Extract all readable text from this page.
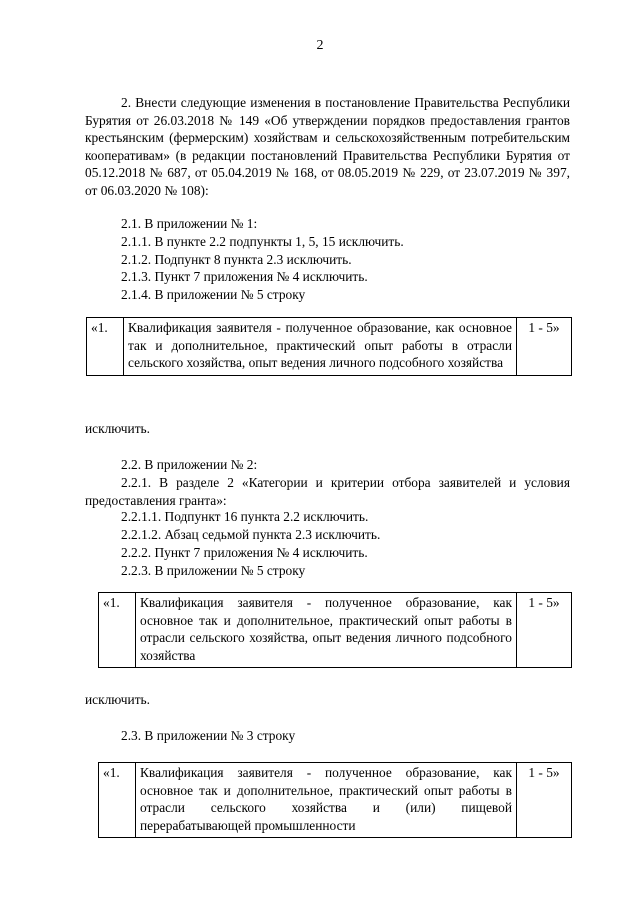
2

2. Внести следующие изменения в постановление Правительства Республики Бурятия от 26.03.2018 № 149 «Об утверждении порядков предоставления грантов крестьянским (фермерским) хозяйствам и сельскохозяйственным потребительским кооперативам» (в редакции постановлений Правительства Республики Бурятия от 05.12.2018 № 687, от 05.04.2019 № 168, от 08.05.2019 № 229, от 23.07.2019 № 397, от 06.03.2020 № 108):

2.1. В приложении № 1:
2.1.1. В пункте 2.2 подпункты 1, 5, 15 исключить.
2.1.2. Подпункт 8 пункта 2.3 исключить.
2.1.3. Пункт 7 приложения № 4 исключить.
2.1.4. В приложении № 5 строку
«1.	Квалификация заявителя - полученное образование, как основное так и дополнительное, практический опыт работы в отрасли сельского хозяйства, опыт ведения личного подсобного хозяйства	1 - 5»
исключить.
2.2. В приложении № 2:

2.2.1. В разделе 2 «Категории и критерии отбора заявителей и условия предоставления гранта»:

2.2.1.1. Подпункт 16 пункта 2.2 исключить.
2.2.1.2. Абзац седьмой пункта 2.3 исключить.
2.2.2. Пункт 7 приложения № 4 исключить.
2.2.3. В приложении № 5 строку
«1.	Квалификация заявителя - полученное образование, как основное так и дополнительное, практический опыт работы в отрасли сельского хозяйства, опыт ведения личного подсобного хозяйства	1 - 5»
исключить.
2.3. В приложении № 3 строку
«1.	Квалификация заявителя - полученное образование, как основное так и дополнительное, практический опыт работы в отрасли сельского хозяйства и (или) пищевой перерабатывающей промышленности	1 - 5»
